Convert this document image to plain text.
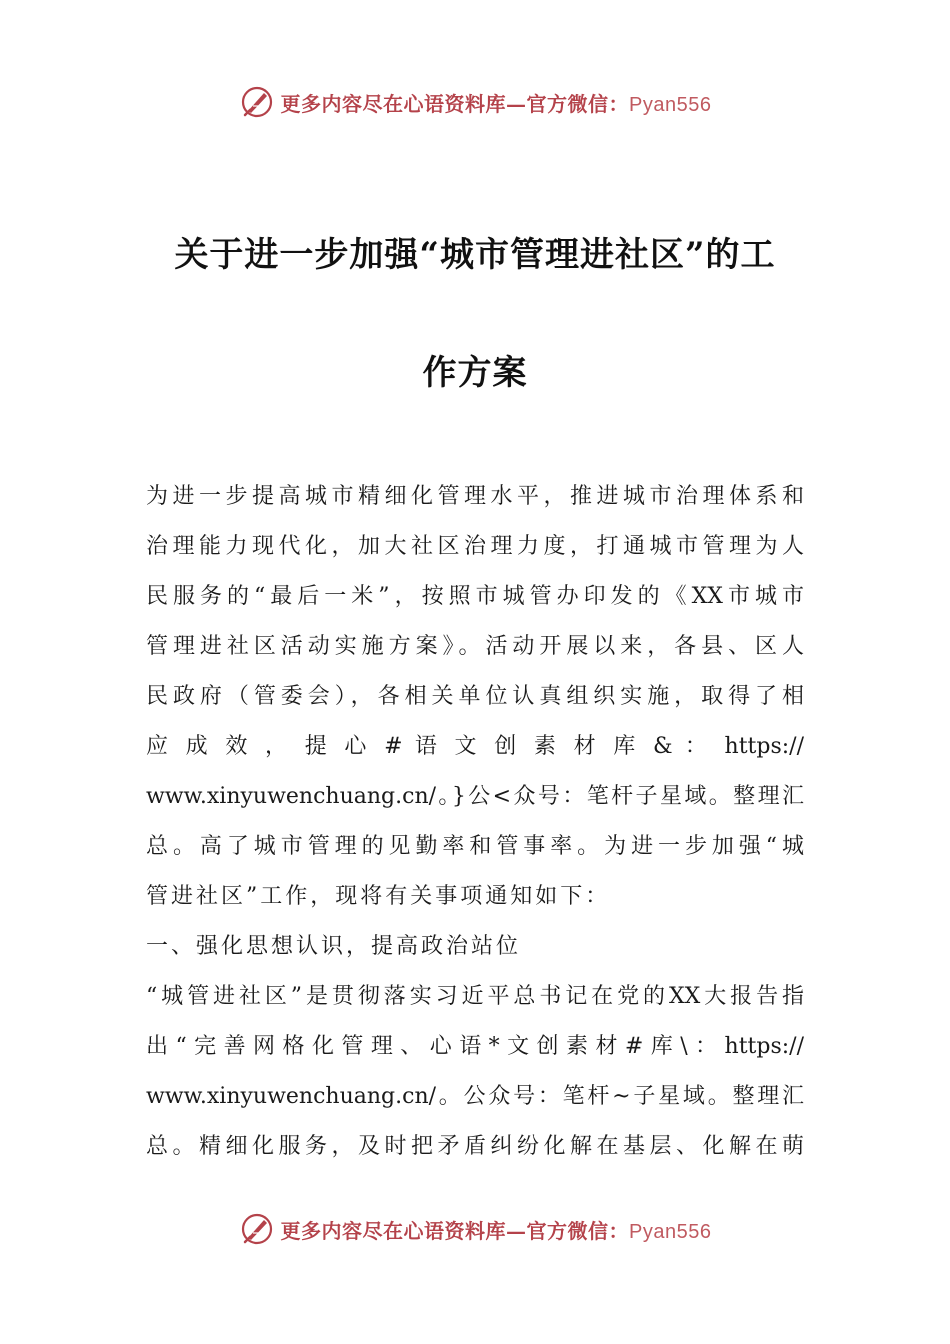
更多内容尽在心语资料库—官方微信：Pyan556
关于进一步加强“城市管理进社区”的工
作方案
为进一步提高城市精细化管理水平，推进城市治理体系和
治理能力现代化，加大社区治理力度，打通城市管理为人
民服务的“最后一米”，按照市城管办印发的《XX市城市
管理进社区活动实施方案》。活动开展以来，各县、区人
民政府（管委会），各相关单位认真组织实施，取得了相
应 成 效 ， 提 心 # 语 文 创 素 材 库 & ： https://
www.xinyuwenchuang.cn/。}公<众号：笔杆子星域。整理汇
总。高了城市管理的见勤率和管事率。为进一步加强“城
管进社区”工作，现将有关事项通知如下：
一、强化思想认识，提高政治站位
“城管进社区”是贯彻落实习近平总书记在党的XX大报告指
出“完善网格化管理、心语*文创素材#库\：https://
www.xinyuwenchuang.cn/。公众号：笔杆~子星域。整理汇
总。精细化服务，及时把矛盾纠纷化解在基层、化解在萌
更多内容尽在心语资料库—官方微信：Pyan556
